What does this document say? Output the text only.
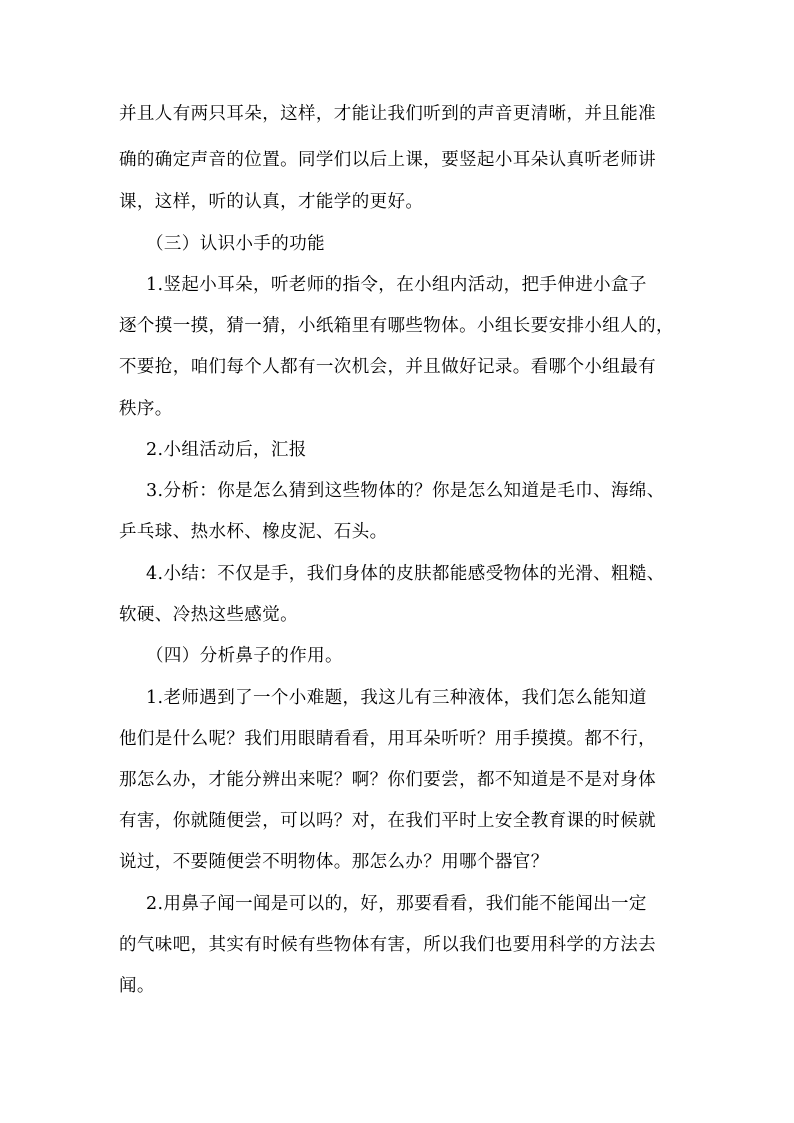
并且人有两只耳朵，这样，才能让我们听到的声音更清晰，并且能准
确的确定声音的位置。同学们以后上课，要竖起小耳朵认真听老师讲
课，这样，听的认真，才能学的更好。
（三）认识小手的功能
1.竖起小耳朵，听老师的指令，在小组内活动，把手伸进小盒子
逐个摸一摸，猜一猜，小纸箱里有哪些物体。小组长要安排小组人的，
不要抢，咱们每个人都有一次机会，并且做好记录。看哪个小组最有
秩序。
2.小组活动后，汇报
3.分析：你是怎么猜到这些物体的？你是怎么知道是毛巾、海绵、
乒乓球、热水杯、橡皮泥、石头。
4.小结：不仅是手，我们身体的皮肤都能感受物体的光滑、粗糙、
软硬、冷热这些感觉。
（四）分析鼻子的作用。
1.老师遇到了一个小难题，我这儿有三种液体，我们怎么能知道
他们是什么呢？我们用眼睛看看，用耳朵听听？用手摸摸。都不行，
那怎么办，才能分辨出来呢？啊？你们要尝，都不知道是不是对身体
有害，你就随便尝，可以吗？对，在我们平时上安全教育课的时候就
说过，不要随便尝不明物体。那怎么办？用哪个器官？
2.用鼻子闻一闻是可以的，好，那要看看，我们能不能闻出一定
的气味吧，其实有时候有些物体有害，所以我们也要用科学的方法去
闻。
